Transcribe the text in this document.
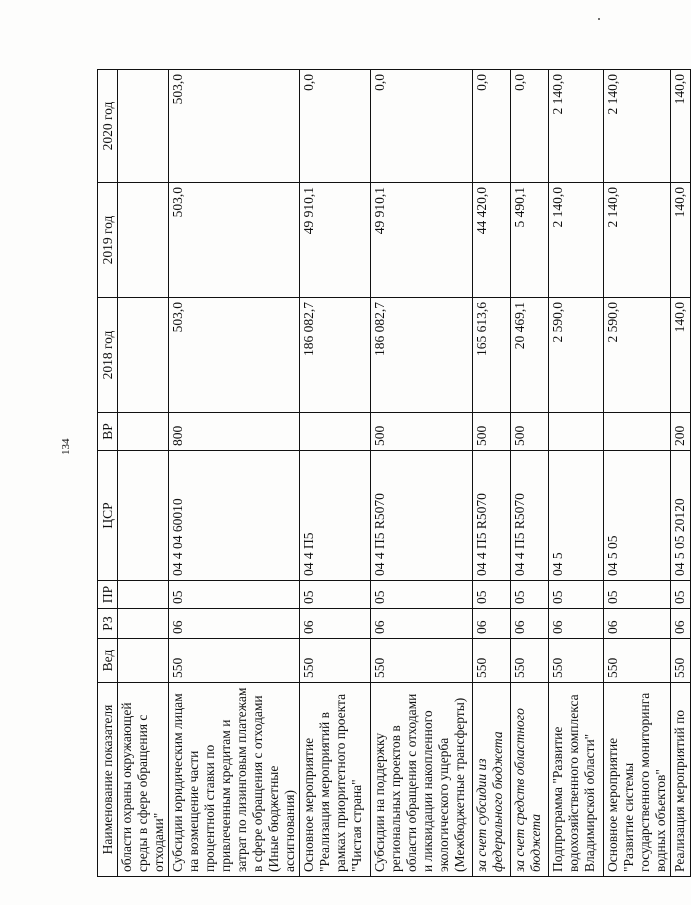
134
Наименование показателя	Вед	РЗ	ПР	ЦСР	ВР	2018 год	2019 год	2020 год
области охраны окружающей среды в сфере обращения с отходами"								
Субсидии юридическим лицам на возмещение части процентной ставки по привлеченным кредитам и затрат по лизинговым платежам в сфере обращения с отходами (Иные бюджетные ассигнования)	550	06	05	04 4 04 60010	800	503,0	503,0	503,0
Основное мероприятие "Реализация мероприятий в рамках приоритетного проекта "Чистая страна"	550	06	05	04 4 П5		186 082,7	49 910,1	0,0
Субсидии на поддержку региональных проектов в области обращения с отходами и ликвидации накопленного экологического ущерба (Межбюджетные трансферты)	550	06	05	04 4 П5 R5070	500	186 082,7	49 910,1	0,0
за счет субсидии из федерального бюджета	550	06	05	04 4 П5 R5070	500	165 613,6	44 420,0	0,0
за счет средств областного бюджета	550	06	05	04 4 П5 R5070	500	20 469,1	5 490,1	0,0
Подпрограмма "Развитие водохозяйственного комплекса Владимирской области"	550	06	05	04 5		2 590,0	2 140,0	2 140,0
Основное мероприятие "Развитие системы государственного мониторинга водных объектов"	550	06	05	04 5 05		2 590,0	2 140,0	2 140,0
Реализация мероприятий по	550	06	05	04 5 05 20120	200	140,0	140,0	140,0
